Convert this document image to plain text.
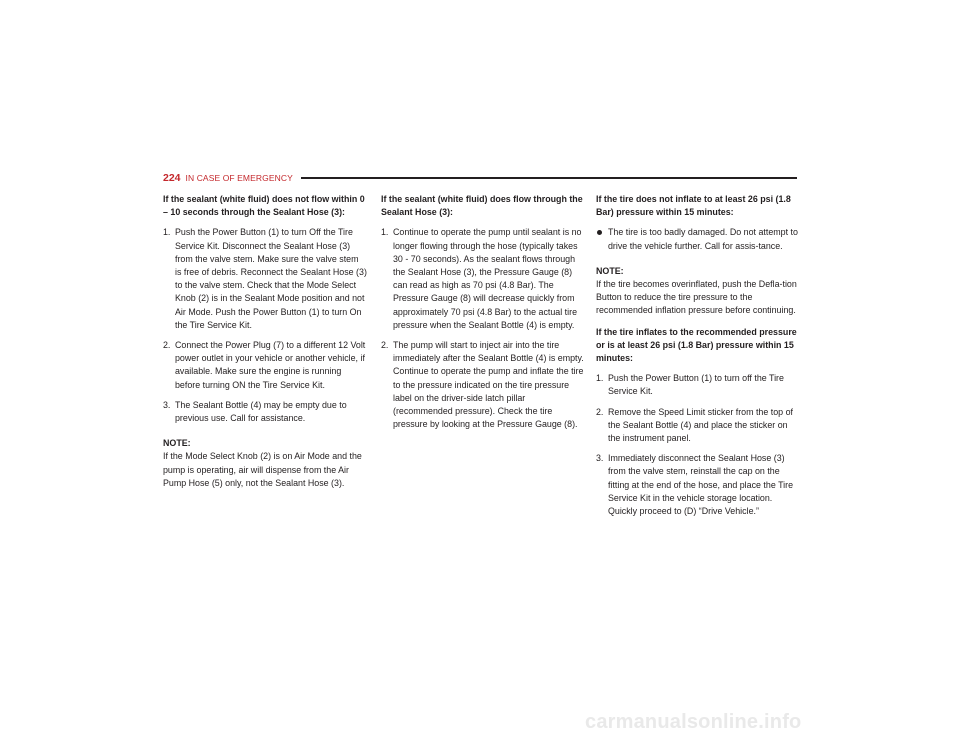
224 IN CASE OF EMERGENCY

If the sealant (white fluid) does not flow within 0 – 10 seconds through the Sealant Hose (3):

1. Push the Power Button (1) to turn Off the Tire Service Kit. Disconnect the Sealant Hose (3) from the valve stem. Make sure the valve stem is free of debris. Reconnect the Sealant Hose (3) to the valve stem. Check that the Mode Select Knob (2) is in the Sealant Mode position and not Air Mode. Push the Power Button (1) to turn On the Tire Service Kit.
2. Connect the Power Plug (7) to a different 12 Volt power outlet in your vehicle or another vehicle, if available. Make sure the engine is running before turning ON the Tire Service Kit.
3. The Sealant Bottle (4) may be empty due to previous use. Call for assistance.
NOTE:
If the Mode Select Knob (2) is on Air Mode and the pump is operating, air will dispense from the Air Pump Hose (5) only, not the Sealant Hose (3).

If the sealant (white fluid) does flow through the Sealant Hose (3):

1. Continue to operate the pump until sealant is no longer flowing through the hose (typically takes 30 - 70 seconds). As the sealant flows through the Sealant Hose (3), the Pressure Gauge (8) can read as high as 70 psi (4.8 Bar). The Pressure Gauge (8) will decrease quickly from approximately 70 psi (4.8 Bar) to the actual tire pressure when the Sealant Bottle (4) is empty.
2. The pump will start to inject air into the tire immediately after the Sealant Bottle (4) is empty. Continue to operate the pump and inflate the tire to the pressure indicated on the tire pressure label on the driver-side latch pillar (recommended pressure). Check the tire pressure by looking at the Pressure Gauge (8).

If the tire does not inflate to at least 26 psi (1.8 Bar) pressure within 15 minutes:

The tire is too badly damaged. Do not attempt to drive the vehicle further. Call for assis-tance.
NOTE:
If the tire becomes overinflated, push the Defla-tion Button to reduce the tire pressure to the recommended inflation pressure before continuing.

If the tire inflates to the recommended pressure or is at least 26 psi (1.8 Bar) pressure within 15 minutes:

1. Push the Power Button (1) to turn off the Tire Service Kit.
2. Remove the Speed Limit sticker from the top of the Sealant Bottle (4) and place the sticker on the instrument panel.
3. Immediately disconnect the Sealant Hose (3) from the valve stem, reinstall the cap on the fitting at the end of the hose, and place the Tire Service Kit in the vehicle storage location. Quickly proceed to (D) “Drive Vehicle.”
carmanualsonline.info
